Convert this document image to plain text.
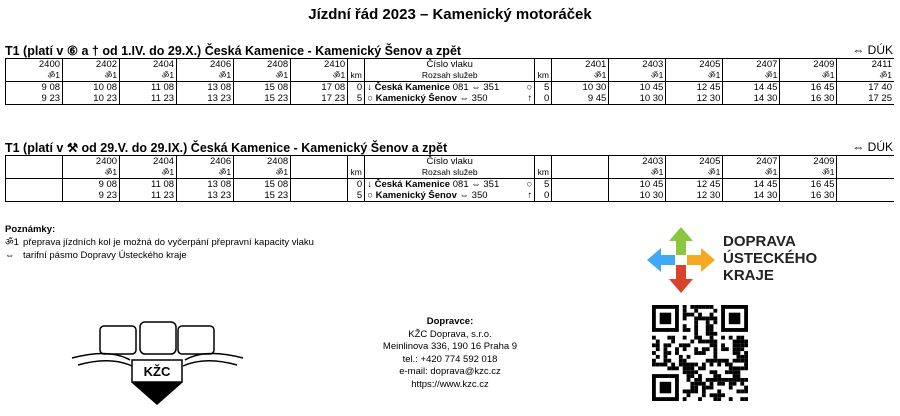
Jízdní řád 2023 – Kamenický motoráček
T1 (platí v ⑥ a † od 1.IV. do 29.X.) Česká Kamenice - Kamenický Šenov a zpět	⇔ DÚK
2400	2402	2404	2406	2408	2410		Číslo vlaku		2401	2403	2405	2407	2409	2411
ॐ1	ॐ1	ॐ1	ॐ1	ॐ1	ॐ1	km	Rozsah služeb	km	ॐ1	ॐ1	ॐ1	ॐ1	ॐ1	ॐ1
9 08	10 08	11 08	13 08	15 08	17 08	0	↓ Česká Kamenice 081 ⇔ 351 ○	5	10 30	10 45	12 45	14 45	16 45	17 40
9 23	10 23	11 23	13 23	15 23	17 23	5	○ Kamenický Šenov ⇔ 350 ↑	0	9 45	10 30	12 30	14 30	16 30	17 25
T1 (platí v ⚒ od 29.V. do 29.IX.) Česká Kamenice - Kamenický Šenov a zpět	⇔ DÚK
	2400	2404	2406	2408			Číslo vlaku			2403	2405	2407	2409	
	ॐ1	ॐ1	ॐ1	ॐ1		km	Rozsah služeb	km		ॐ1	ॐ1	ॐ1	ॐ1	
	9 08	11 08	13 08	15 08		0	↓ Česká Kamenice 081 ⇔ 351 ○	5		10 45	12 45	14 45	16 45	
	9 23	11 23	13 23	15 23		5	○ Kamenický Šenov ⇔ 350 ↑	0		10 30	12 30	14 30	16 30	
Poznámky:
ॐ1 přeprava jízdních kol je možná do vyčerpání přepravní kapacity vlaku
⇔ tarifní pásmo Dopravy Ústeckého kraje
KŽC
Dopravce:
KŽC Doprava, s.r.o.
Meinlinova 336, 190 16 Praha 9
tel.: +420 774 592 018
e-mail: doprava@kzc.cz
https://www.kzc.cz
DOPRAVA
ÚSTECKÉHO
KRAJE
